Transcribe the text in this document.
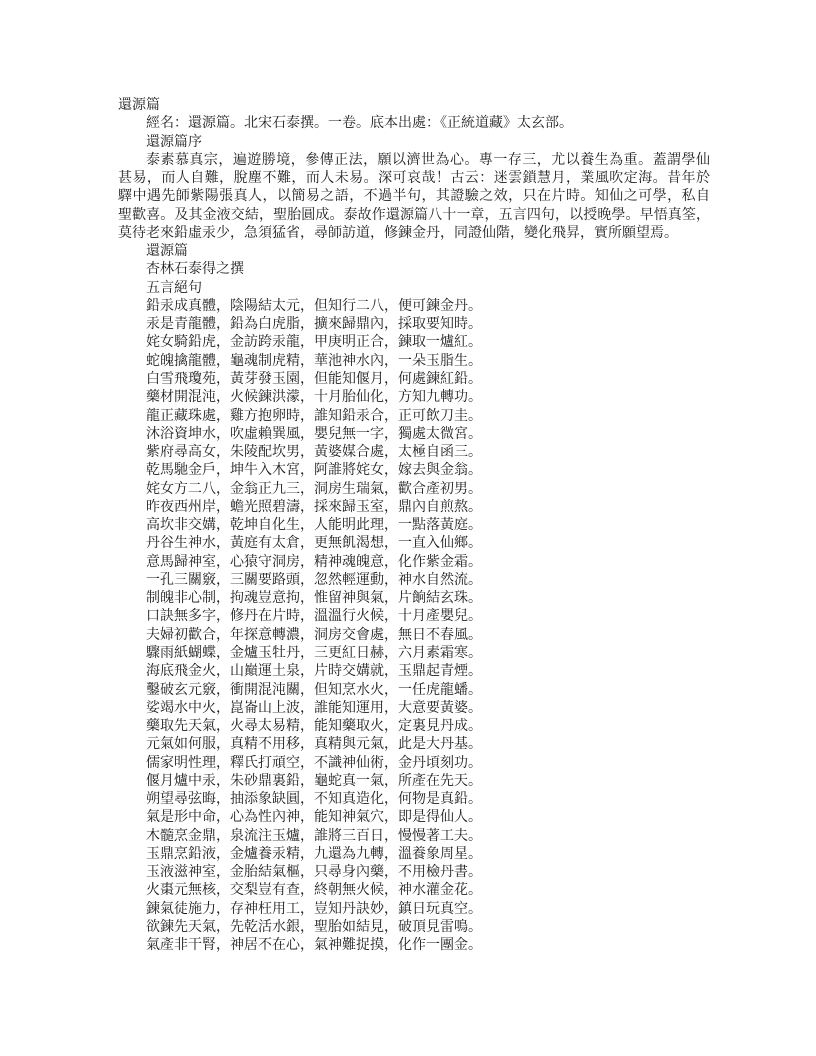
還源篇
經名：還源篇。北宋石泰撰。一卷。底本出處：《正統道藏》太玄部。
還源篇序
泰素慕真宗，遍遊勝境，參傳正法，願以濟世為心。專一存三，尤以養生為重。蓋謂學仙
甚易，而人自難，脫塵不難，而人未易。深可哀哉！古云：迷雲鎖慧月，業風吹定海。昔年於
驛中遇先師紫陽張真人，以簡易之語，不過半句，其證驗之效，只在片時。知仙之可學，私自
聖歡喜。及其金液交結，聖胎圓成。泰故作還源篇八十一章，五言四句，以授晚學。早悟真筌，
莫待老來鉛虛汞少，急須猛省，尋師訪道，修鍊金丹，同證仙階，變化飛昇，實所願望焉。
還源篇
杏林石泰得之撰
五言絕句
鉛汞成真體，陰陽結太元，但知行二八，便可鍊金丹。
汞是青龍體，鉛為白虎脂，擴來歸鼎內，採取要知時。
姹女騎鉛虎，金訪跨汞龍，甲庚明正合，鍊取一爐紅。
蛇魄擒龍體，龜魂制虎精，華池神水內，一朵玉脂生。
白雪飛瓊苑，黃芽發玉園，但能知偃月，何處鍊紅鉛。
藥材開混沌，火候鍊洪濛，十月胎仙化，方知九轉功。
龍正藏珠處，雞方抱卵時，誰知鉛汞合，正可飲刀圭。
沐浴資坤水，吹虛賴巽風，嬰兒無一字，獨處太微宮。
紫府尋高女，朱陵配坎男，黃婆媒合處，太極自函三。
乾馬馳金戶，坤牛入木宮，阿誰將姹女，嫁去與金翁。
姹女方二八，金翁正九三，洞房生瑞氣，歡合產初男。
昨夜西州岸，蟾光照碧濤，採來歸玉室，鼎內自煎熬。
高坎非交媾，乾坤自化生，人能明此理，一點落黃庭。
丹谷生神水，黃庭有太倉，更無飢渴想，一直入仙鄉。
意馬歸神室，心猿守洞房，精神魂魄意，化作紫金霜。
一孔三關竅，三關要路頭，忽然輕運動，神水自然流。
制魄非心制，拘魂豈意拘，惟留神與氣，片餉結玄珠。
口訣無多字，修丹在片時，溫溫行火候，十月產嬰兒。
夫婦初歡合，年探意轉濃，洞房交會處，無日不春風。
驟雨紙蝴蝶，金爐玉牡丹，三更紅日赫，六月素霜寒。
海底飛金火，山巔運土泉，片時交媾就，玉鼎起青煙。
鑿破玄元竅，衝開混沌關，但知烹水火，一任虎龍蟠。
娑竭水中火，崑崙山上波，誰能知運用，大意要黃婆。
藥取先天氣，火尋太易精，能知藥取火，定裏見丹成。
元氣如何服，真精不用移，真精與元氣，此是大丹基。
儒家明性理，釋氏打頑空，不識神仙術，金丹頃刻功。
偃月爐中汞，朱砂鼎裏鉛，龜蛇真一氣，所產在先天。
朔望尋弦晦，抽添象缺圓，不知真造化，何物是真鉛。
氣是形中命，心為性內神，能知神氣穴，即是得仙人。
木髓烹金鼎，泉流注玉爐，誰將三百日，慢慢著工夫。
玉鼎烹鉛液，金爐養汞精，九還為九轉，溫養象周星。
玉液滋神室，金胎結氣樞，只尋身內藥，不用檢丹書。
火棗元無核，交梨豈有查，終朝無火候，神水灌金花。
鍊氣徒施力，存神枉用工，豈知丹訣妙，鎮日玩真空。
欲鍊先天氣，先乾活水銀，聖胎如結見，破頂見雷鳴。
氣產非干腎，神居不在心，氣神難捉摸，化作一團金。
